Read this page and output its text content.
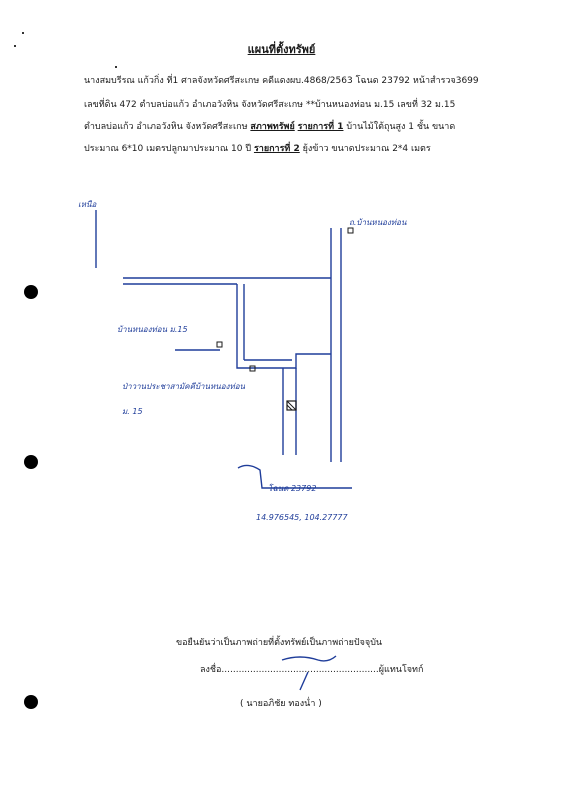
แผนที่ตั้งทรัพย์
นางสมบรีรณ แก้วกิ่ง ที่1 ศาลจังหวัดศรีสะเกษ คดีแดงผบ.4868/2563 โฉนด 23792 หน้าสำรวจ3699
เลขที่ดิน 472 ตำบลบ่อแก้ว อำเภอวังหิน จังหวัดศรีสะเกษ **บ้านหนองท่อน ม.15 เลขที่ 32 ม.15
ตำบลบ่อแก้ว อำเภอวังหิน จังหวัดศรีสะเกษ สภาพทรัพย์ รายการที่ 1 บ้านไม้ใต้ถุนสูง 1 ชั้น ขนาด
ประมาณ 6*10 เมตรปลูกมาประมาณ 10 ปี รายการที่ 2 ยุ้งข้าว ขนาดประมาณ 2*4 เมตร
เหนือ
ถ.บ้านหนองท่อน
บ้านหนองท่อน ม.15
ป่าวานประชาสามัคคีบ้านหนองท่อน
ม. 15
โฉนด 23792
14.976545, 104.27777
ขอยืนยันว่าเป็นภาพถ่ายที่ตั้งทรัพย์เป็นภาพถ่ายปัจจุบัน
ลงชื่อ.......................................................ผู้แทนโจทก์
( นายอภิชัย ทองน่ำ )
